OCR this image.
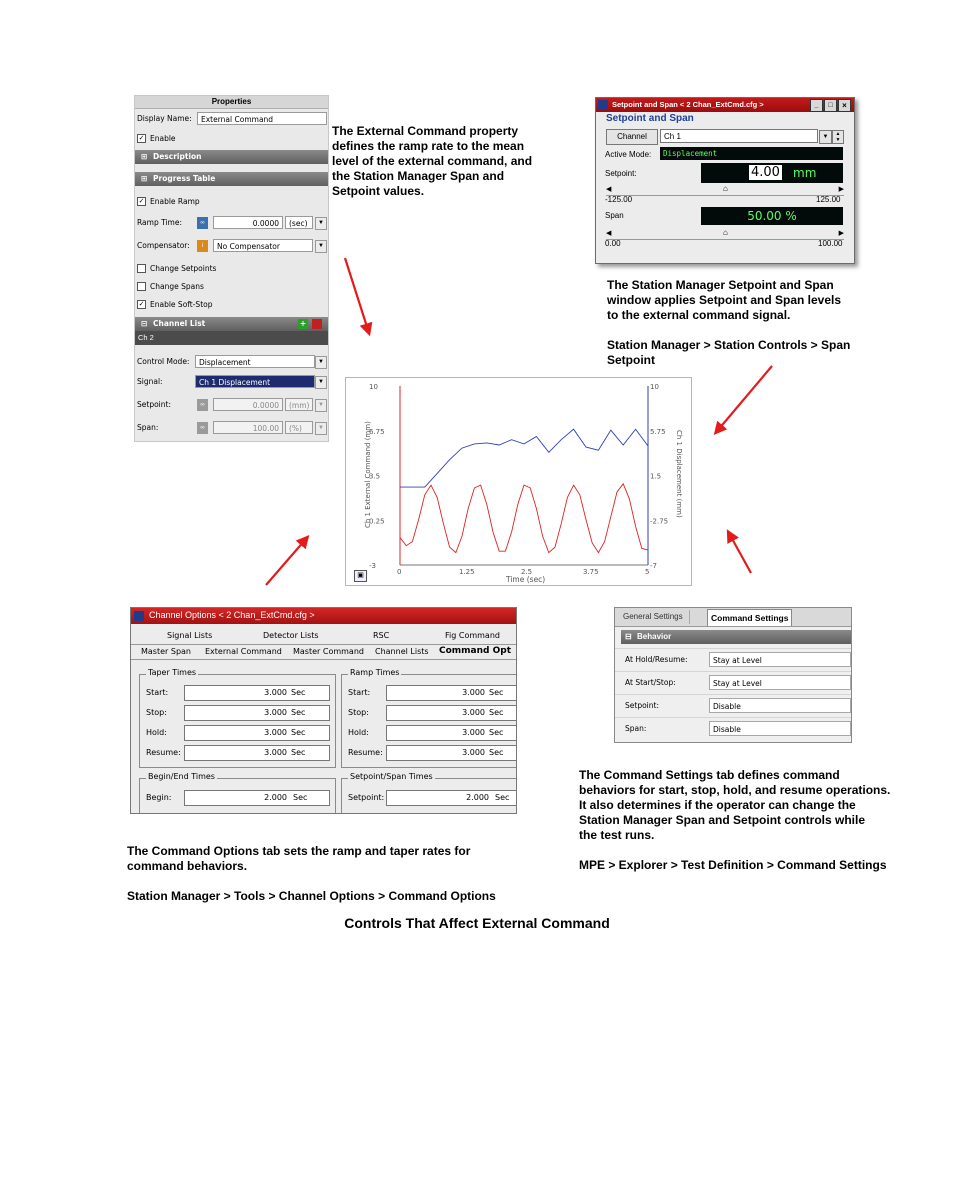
Properties
Display Name:	External Command
✓ Enable
⊞ Description
⊞ Progress Table
✓ Enable Ramp
Ramp Time:	∞	0.0000	(sec)	▼
Compensator:	i	No Compensator	▼
Change Setpoints
Change Spans
✓ Enable Soft-Stop
⊟ Channel List	+
Ch 2
Control Mode:	Displacement	▼
Signal:	Ch 1 Displacement	▼
Setpoint:	∞	0.0000	(mm)	▼
Span:	∞	100.00	(%)	▼
The External Command property
defines the ramp rate to the mean
level of the external command, and
the Station Manager Span and
Setpoint values.
Setpoint and Span < 2 Chan_ExtCmd.cfg >	_	□	×
Setpoint and Span
Channel	Ch 1	▼	▲
▼
Active Mode:	Displacement
Setpoint:	4.00 mm
◀	▶
⌂
-125.00	125.00
Span	50.00 %
◀	▶
⌂
0.00	100.00
The Station Manager Setpoint and Span
window applies Setpoint and Span levels
to the external command signal.
Station Manager > Station Controls > Span
Setpoint
10
6.75
3.5
0.25
-3
10
5.75
1.5
-2.75
-7
0	1.25	2.5	3.75	5
Time (sec)
Ch 1 External Command (mm)	Ch 1 Displacement (mm)
▣
Channel Options < 2 Chan_ExtCmd.cfg >
Signal Lists	Detector Lists	RSC	Fig Command
Master Span External Command Master Command Channel Lists Command Opt
Taper Times
Start:	3.000 Sec
Stop:	3.000 Sec
Hold:	3.000 Sec
Resume:	3.000 Sec
Ramp Times
Start:	3.000 Sec
Stop:	3.000 Sec
Hold:	3.000 Sec
Resume:	3.000 Sec
Begin/End Times
Begin:	2.000 Sec
Setpoint/Span Times
Setpoint:	2.000 Sec
General Settings	Command Settings
⊟ Behavior
At Hold/Resume:	Stay at Level
At Start/Stop:	Stay at Level
Setpoint:	Disable
Span:	Disable
The Command Settings tab defines command
behaviors for start, stop, hold, and resume operations.
It also determines if the operator can change the
Station Manager Span and Setpoint controls while
the test runs.
MPE > Explorer > Test Definition > Command Settings
The Command Options tab sets the ramp and taper rates for
command behaviors.
Station Manager > Tools > Channel Options > Command Options
Controls That Affect External Command
